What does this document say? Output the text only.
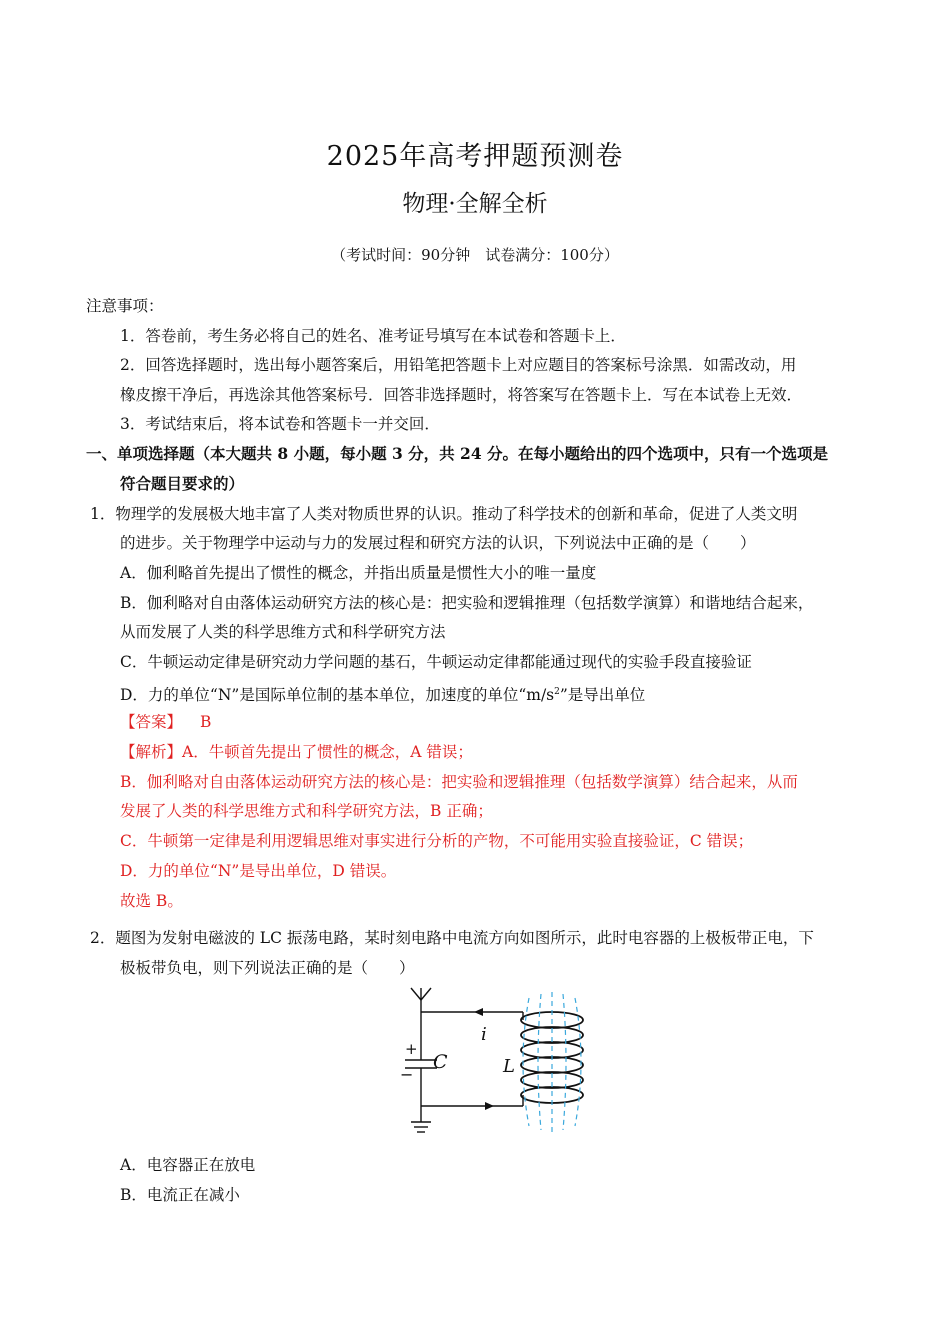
2025年高考押题预测卷
物理·全解全析
（考试时间：90分钟　试卷满分：100分）
注意事项：
1．答卷前，考生务必将自己的姓名、准考证号填写在本试卷和答题卡上．
2．回答选择题时，选出每小题答案后，用铅笔把答题卡上对应题目的答案标号涂黑．如需改动，用
橡皮擦干净后，再选涂其他答案标号．回答非选择题时，将答案写在答题卡上．写在本试卷上无效．
3．考试结束后，将本试卷和答题卡一并交回．
一、单项选择题（本大题共 8 小题，每小题 3 分，共 24 分。在每小题给出的四个选项中，只有一个选项是
符合题目要求的）
1．物理学的发展极大地丰富了人类对物质世界的认识。推动了科学技术的创新和革命，促进了人类文明
的进步。关于物理学中运动与力的发展过程和研究方法的认识，下列说法中正确的是（　　）
A．伽利略首先提出了惯性的概念，并指出质量是惯性大小的唯一量度
B．伽利略对自由落体运动研究方法的核心是：把实验和逻辑推理（包括数学演算）和谐地结合起来，
从而发展了人类的科学思维方式和科学研究方法
C．牛顿运动定律是研究动力学问题的基石，牛顿运动定律都能通过现代的实验手段直接验证
D．力的单位“N”是国际单位制的基本单位，加速度的单位“$m/s^2$”是导出单位
【答案】 B
【解析】A．牛顿首先提出了惯性的概念，A 错误；
B．伽利略对自由落体运动研究方法的核心是：把实验和逻辑推理（包括数学演算）结合起来，从而
发展了人类的科学思维方式和科学研究方法，B 正确；
C．牛顿第一定律是利用逻辑思维对事实进行分析的产物，不可能用实验直接验证，C 错误；
D．力的单位“N”是导出单位，D 错误。
故选 B。
2．题图为发射电磁波的 LC 振荡电路，某时刻电路中电流方向如图所示，此时电容器的上极板带正电，下
极板带负电，则下列说法正确的是（　　）
i
C	L
+
−
A．电容器正在放电
B．电流正在减小
